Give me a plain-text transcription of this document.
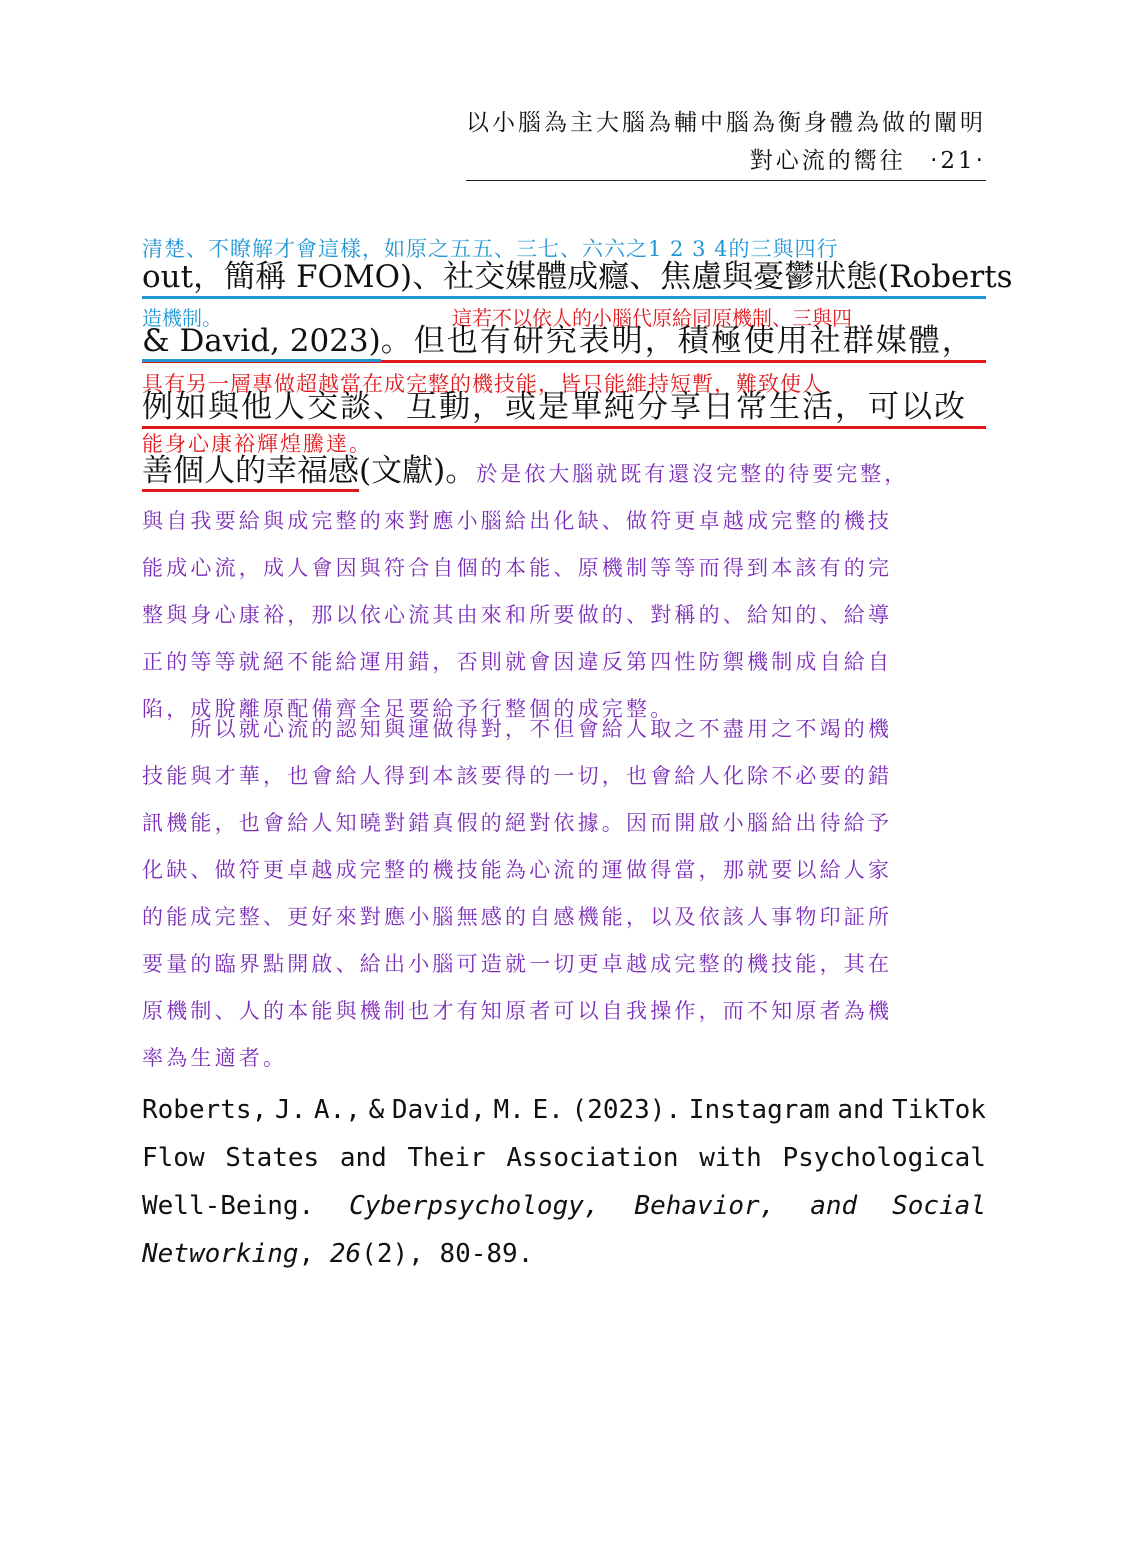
以小腦為主大腦為輔中腦為衡身體為做的闡明
對心流的嚮往 ‧21‧
清楚、不瞭解才會這樣，如原之五五、三七、六六之1 2 3 4的三與四行
out，簡稱 FOMO)、社交媒體成癮、焦慮與憂鬱狀態(Roberts
造機制。	這若不以依人的小腦代原給同原機制、三與四
& David, 2023)。但也有研究表明，積極使用社群媒體，
具有另一層專做超越當在成完整的機技能，皆只能維持短暫，難致使人
例如與他人交談、互動，或是單純分享日常生活，可以改
能身心康裕輝煌騰達。
善個人的幸福感(文獻)。於是依大腦就既有還沒完整的待要完整，
與自我要給與成完整的來對應小腦給出化缺、做符更卓越成完整的機技
能成心流，成人會因與符合自個的本能、原機制等等而得到本該有的完
整與身心康裕，那以依心流其由來和所要做的、對稱的、給知的、給導
正的等等就絕不能給運用錯，否則就會因違反第四性防禦機制成自給自
陷，成脫離原配備齊全足要給予行整個的成完整。
　　所以就心流的認知與運做得對，不但會給人取之不盡用之不竭的機
技能與才華，也會給人得到本該要得的一切，也會給人化除不必要的錯
訊機能，也會給人知曉對錯真假的絕對依據。因而開啟小腦給出待給予
化缺、做符更卓越成完整的機技能為心流的運做得當，那就要以給人家
的能成完整、更好來對應小腦無感的自感機能，以及依該人事物印証所
要量的臨界點開啟、給出小腦可造就一切更卓越成完整的機技能，其在
原機制、人的本能與機制也才有知原者可以自我操作，而不知原者為機
率為生適者。
Roberts, J. A., & David, M. E. (2023). Instagram and TikTok
Flow States and Their Association with Psychological
Well-Being. Cyberpsychology, Behavior, and Social
Networking , 26 (2), 80-89.
